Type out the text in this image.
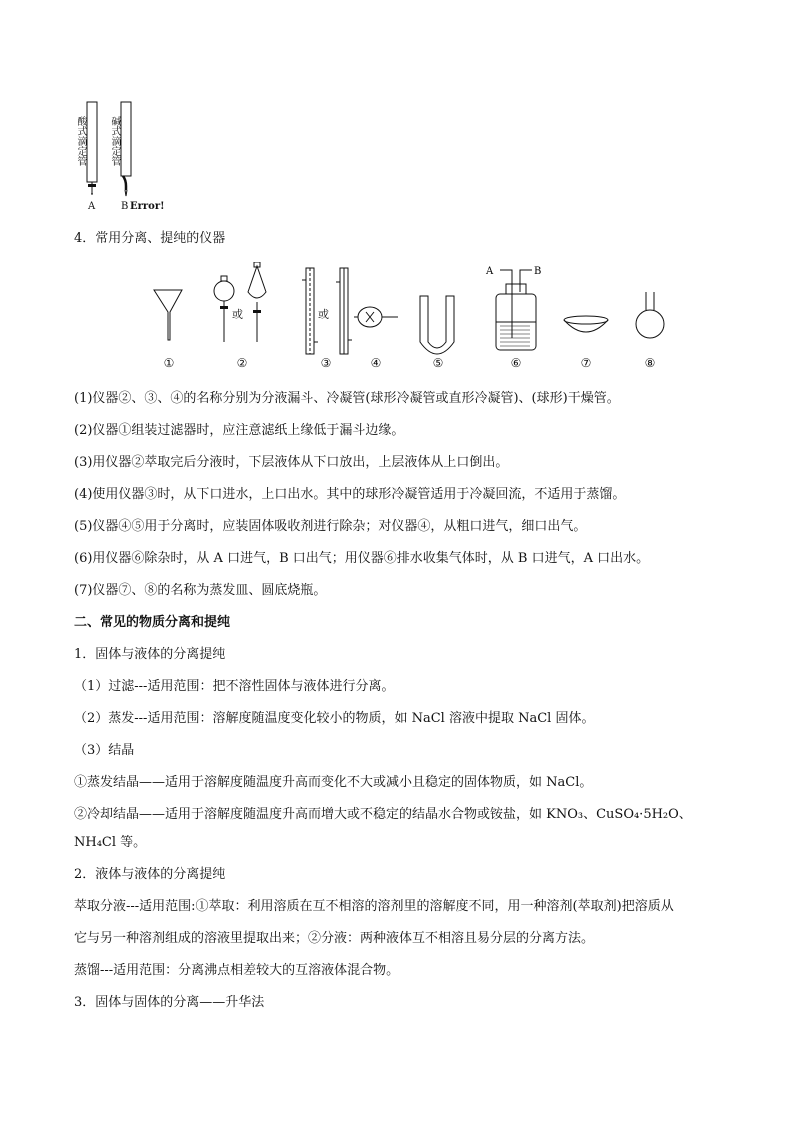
酸式滴定管 碱式滴定管
A	B Error!
4．常用分离、提纯的仪器
A	B
或	或
①	②	③	④	⑤	⑥	⑦	⑧
(1)仪器②、③、④的名称分别为分液漏斗、冷凝管(球形冷凝管或直形冷凝管)、(球形)干燥管。
(2)仪器①组装过滤器时，应注意滤纸上缘低于漏斗边缘。
(3)用仪器②萃取完后分液时，下层液体从下口放出，上层液体从上口倒出。
(4)使用仪器③时，从下口进水，上口出水。其中的球形冷凝管适用于冷凝回流，不适用于蒸馏。
(5)仪器④⑤用于分离时，应装固体吸收剂进行除杂；对仪器④，从粗口进气，细口出气。
(6)用仪器⑥除杂时，从 A 口进气，B 口出气；用仪器⑥排水收集气体时，从 B 口进气，A 口出水。
(7)仪器⑦、⑧的名称为蒸发皿、圆底烧瓶。
二、常见的物质分离和提纯
1．固体与液体的分离提纯
（1）过滤---适用范围：把不溶性固体与液体进行分离。
（2）蒸发---适用范围：溶解度随温度变化较小的物质，如 NaCl 溶液中提取 NaCl 固体。
（3）结晶
①蒸发结晶——适用于溶解度随温度升高而变化不大或减小且稳定的固体物质，如 NaCl。
②冷却结晶——适用于溶解度随温度升高而增大或不稳定的结晶水合物或铵盐，如 KNO₃、CuSO₄·5H₂O、
NH₄Cl 等。
2．液体与液体的分离提纯
萃取分液---适用范围:①萃取：利用溶质在互不相溶的溶剂里的溶解度不同，用一种溶剂(萃取剂)把溶质从
它与另一种溶剂组成的溶液里提取出来；②分液：两种液体互不相溶且易分层的分离方法。
蒸馏---适用范围：分离沸点相差较大的互溶液体混合物。
3．固体与固体的分离——升华法
